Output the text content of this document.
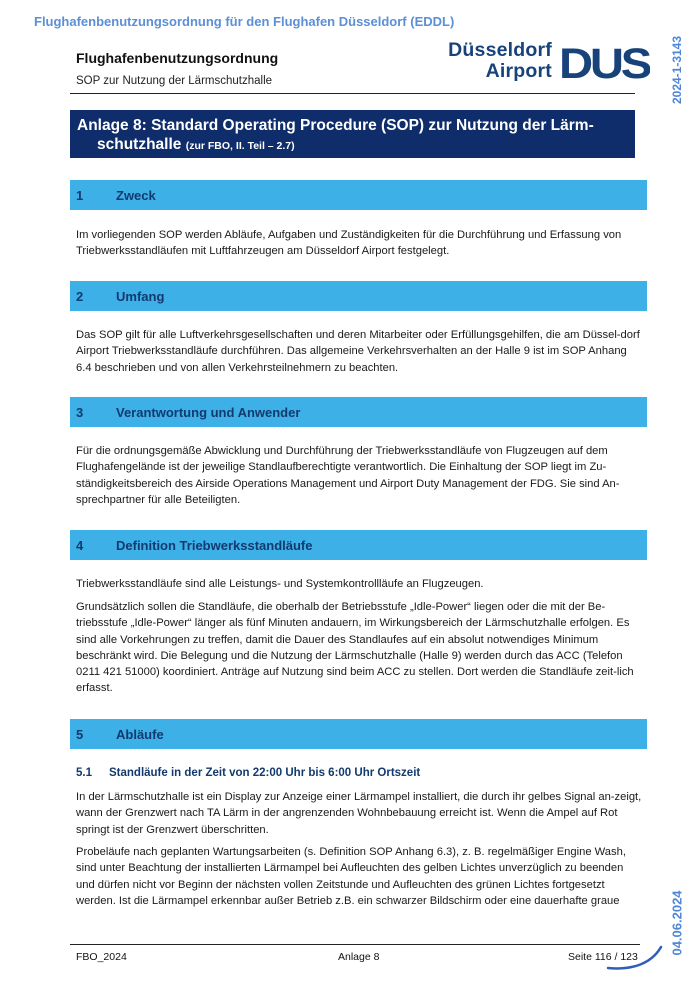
Flughafenbenutzungsordnung für den Flughafen Düsseldorf (EDDL)
2024-1-3143
Flughafenbenutzungsordnung
SOP zur Nutzung der Lärmschutzhalle
Düsseldorf
Airport DUS
Anlage 8: Standard Operating Procedure (SOP) zur Nutzung der Lärm-
schutzhalle (zur FBO, II. Teil – 2.7)
1	Zweck
Im vorliegenden SOP werden Abläufe, Aufgaben und Zuständigkeiten für die Durchführung und Erfassung von Triebwerksstandläufen mit Luftfahrzeugen am Düsseldorf Airport festgelegt.
2	Umfang
Das SOP gilt für alle Luftverkehrsgesellschaften und deren Mitarbeiter oder Erfüllungsgehilfen, die am Düssel-dorf Airport Triebwerksstandläufe durchführen. Das allgemeine Verkehrsverhalten an der Halle 9 ist im SOP Anhang 6.4 beschrieben und von allen Verkehrsteilnehmern zu beachten.
3	Verantwortung und Anwender
Für die ordnungsgemäße Abwicklung und Durchführung der Triebwerksstandläufe von Flugzeugen auf dem Flughafengelände ist der jeweilige Standlaufberechtigte verantwortlich. Die Einhaltung der SOP liegt im Zu-ständigkeitsbereich des Airside Operations Management und Airport Duty Management der FDG. Sie sind An-sprechpartner für alle Beteiligten.
4	Definition Triebwerksstandläufe
Triebwerksstandläufe sind alle Leistungs- und Systemkontrollläufe an Flugzeugen.
Grundsätzlich sollen die Standläufe, die oberhalb der Betriebsstufe „Idle-Power“ liegen oder die mit der Be-triebsstufe „Idle-Power“ länger als fünf Minuten andauern, im Wirkungsbereich der Lärmschutzhalle erfolgen. Es sind alle Vorkehrungen zu treffen, damit die Dauer des Standlaufes auf ein absolut notwendiges Minimum beschränkt wird. Die Belegung und die Nutzung der Lärmschutzhalle (Halle 9) werden durch das ACC (Telefon 0211 421 51000) koordiniert. Anträge auf Nutzung sind beim ACC zu stellen. Dort werden die Standläufe zeit-lich erfasst.
5	Abläufe
5.1 Standläufe in der Zeit von 22:00 Uhr bis 6:00 Uhr Ortszeit
In der Lärmschutzhalle ist ein Display zur Anzeige einer Lärmampel installiert, die durch ihr gelbes Signal an-zeigt, wann der Grenzwert nach TA Lärm in der angrenzenden Wohnbebauung erreicht ist. Wenn die Ampel auf Rot springt ist der Grenzwert überschritten.
Probeläufe nach geplanten Wartungsarbeiten (s. Definition SOP Anhang 6.3), z. B. regelmäßiger Engine Wash, sind unter Beachtung der installierten Lärmampel bei Aufleuchten des gelben Lichtes unverzüglich zu beenden und dürfen nicht vor Beginn der nächsten vollen Zeitstunde und Aufleuchten des grünen Lichtes fortgesetzt werden. Ist die Lärmampel erkennbar außer Betrieb z.B. ein schwarzer Bildschirm oder eine dauerhafte graue
FBO_2024	Anlage 8	Seite 116 / 123
04.06.2024
